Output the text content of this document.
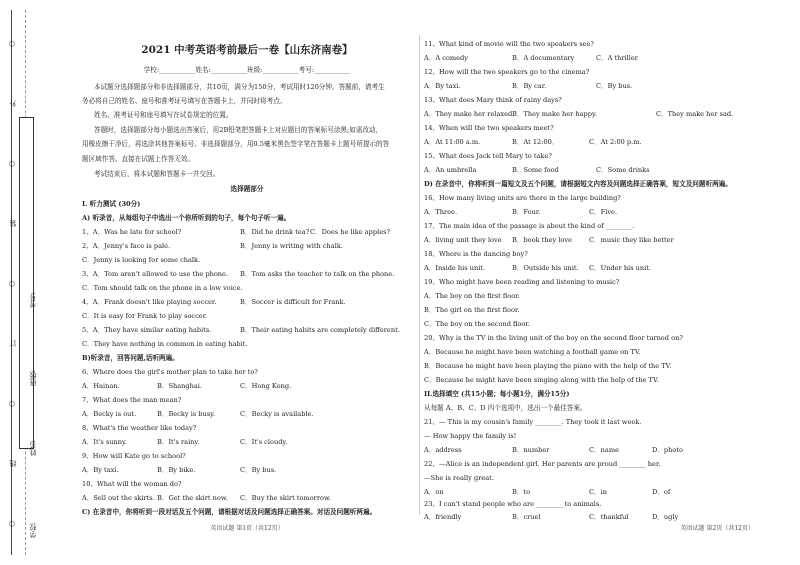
○
外
○
装
○
订
○
线
○ 学校:
姓名:
班级:
考号:
2021 中考英语考前最后一卷【山东济南卷】
学校:___________姓名:___________班级:___________考号:___________
本试题分选择题部分和非选择题部分，共10页，满分为150分，考试用时120分钟。答题前，请考生
务必将自己的姓名、座号和准考证号填写在答题卡上，并同时将考点、
姓名、准考证号和座号填写在试卷规定的位置。
答题时，选择题部分每小题选出答案后，用2B铅笔把答题卡上对应题目的答案标号涂黑;如需改动，
用橡皮擦干净后，再选涂其他答案标号。非选择题部分，用0.5毫米黑色签字笔在答题卡上题号所提示的答
题区域作答。直接在试题上作答无效。
考试结束后，将本试题和答题卡一并交回。
选择题部分
I. 听力测试 (30分)
A) 听录音，从每组句子中选出一个你所听到的句子，每个句子听一遍。
1、A．Was he late for school?	B．Did he drink tea? C．Does he like apples?
2、A．Jenny's face is pale.	B．Jenny is writing with chalk.
C．Jenny is looking for some chalk.
3、A．Tom aren't allowed to use the phone. B．Tom asks the teacher to talk on the phone.
C．Tom should talk on the phone in a low voice.
4、A．Frank doesn't like playing soccer.	B．Soccer is difficult for Frank.
C．It is easy for Frank to play soccer.
5、A．They have similar eating habits.	B．Their eating habits are completely different.
C．They have nothing in common in eating habit.
B)听录音，回答问题,话听两遍。
6、Where does the girl's mother plan to take her to?
A．Hainan.	B．Shanghai.	C．Hong Kong.
7、What does the man mean?
A．Becky is out.	B．Becky is busy.	C．Becky is available.
8、What's the weather like today?
A．It's sunny.	B．It's rainy.	C．It's cloudy.
9、How will Kate go to school?
A．By taxi.	B．By bike.	C．By bus.
10、What will the woman do?
A．Sell out the skirts. B．Get the skirt now. C．Buy the skirt tomorrow.
C) 在录音中，你将听到一段对话及五个问题，请根据对话及问题选择正确答案。对话及问题听两遍。
英语试题 第1页（共12页）
11、What kind of movie will the two speakers see?
A．A comedy	B．A documentary	C．A thriller
12、How will the two speakers go to the cinema?
A．By taxi.	B．By car.	C．By bus.
13、What does Mary think of rainy days?
A．They make her relaxed.
B．They make her happy.	C．They make her sad.
14、When will the two speakers meet?
A．At 11:00 a.m.	B．At 12:00．	C．At 2:00 p.m.
15、What does Jack tell Mary to take?
A．An umbrella	B．Some food	C．Some drinks
D) 在录音中，你将听到一篇短文及五个问题，请根据短文内容及问题选择正确答案，短文及问题听两遍。
16、How many living units are there in the large building?
A．Three.	B．Four.	C．Five.
17、The main idea of the passage is about the kind of ________.
A．living unit they love B．book they love	C．music they like better
18、Where is the dancing boy?
A．Inside his unit.	B．Outside his unit. C．Under his unit.
19、Who might have been reading and listening to music?
A．The boy on the first floor.
B．The girl on the first floor.
C．The boy on the second floor.
20、Why is the TV in the living unit of the boy on the second floor turned on?
A．Because he might have been watching a football game on TV.
B．Because he might have been playing the piano with the help of the TV.
C．Because he might have been singing along with the help of the TV.
II.选择填空 (共15小题；每小题1分，满分15分)
从每题 A、B、C、D 四个选项中，选出一个最佳答案。
21、— This is my cousin's family ________. They took it last week.
— How happy the family is!
A．address	B．number	C．name	D．photo
22、—Alice is an independent girl. Her parents are proud ________ her.
—She is really great.
A．on	B．to	C．in	D．of
23、I can't stand people who are ________ to animals.
A．friendly	B．cruel	C．thankful	D．ugly
英语试题 第2页（共12页）
